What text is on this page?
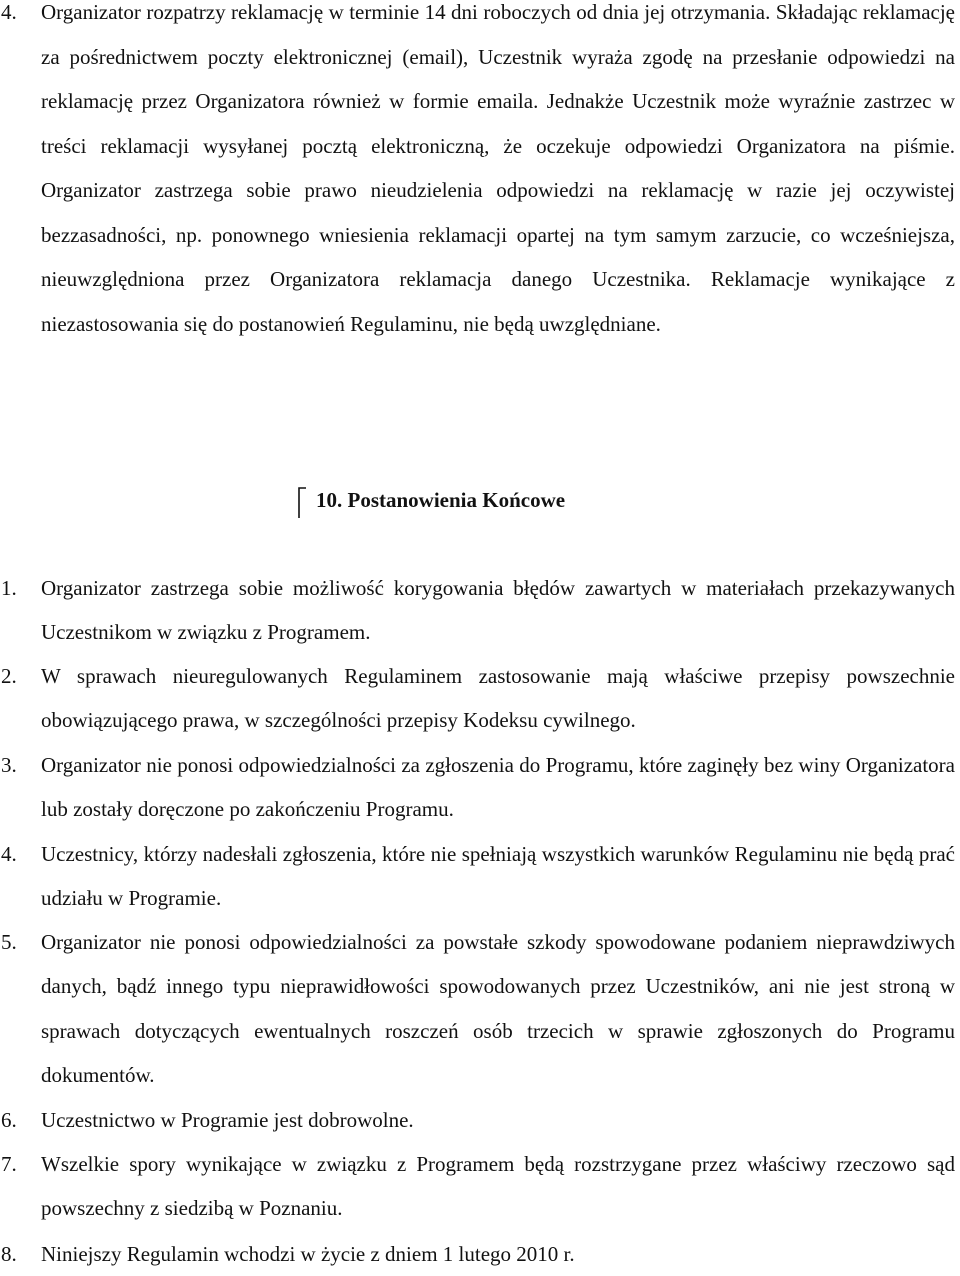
4. Organizator rozpatrzy reklamację w terminie 14 dni roboczych od dnia jej otrzymania. Składając reklamację za pośrednictwem poczty elektronicznej (email), Uczestnik wyraża zgodę na przesłanie odpowiedzi na reklamację przez Organizatora również w formie emaila. Jednakże Uczestnik może wyraźnie zastrzec w treści reklamacji wysyłanej pocztą elektroniczną, że oczekuje odpowiedzi Organizatora na piśmie. Organizator zastrzega sobie prawo nieudzielenia odpowiedzi na reklamację w razie jej oczywistej bezzasadności, np. ponownego wniesienia reklamacji opartej na tym samym zarzucie, co wcześniejsza, nieuwzględniona przez Organizatora reklamacja danego Uczestnika. Reklamacje wynikające z niezastosowania się do postanowień Regulaminu, nie będą uwzględniane.
10. Postanowienia Końcowe
1. Organizator zastrzega sobie możliwość korygowania błędów zawartych w materiałach przekazywanych Uczestnikom w związku z Programem.
2. W sprawach nieuregulowanych Regulaminem zastosowanie mają właściwe przepisy powszechnie obowiązującego prawa, w szczególności przepisy Kodeksu cywilnego.
3. Organizator nie ponosi odpowiedzialności za zgłoszenia do Programu, które zaginęły bez winy Organizatora lub zostały doręczone po zakończeniu Programu.
4. Uczestnicy, którzy nadesłali zgłoszenia, które nie spełniają wszystkich warunków Regulaminu nie będą prać udziału w Programie.
5. Organizator nie ponosi odpowiedzialności za powstałe szkody spowodowane podaniem nieprawdziwych danych, bądź innego typu nieprawidłowości spowodowanych przez Uczestników, ani nie jest stroną w sprawach dotyczących ewentualnych roszczeń osób trzecich w sprawie zgłoszonych do Programu dokumentów.
6. Uczestnictwo w Programie jest dobrowolne.
7. Wszelkie spory wynikające w związku z Programem będą rozstrzygane przez właściwy rzeczowo sąd powszechny z siedzibą w Poznaniu.
8. Niniejszy Regulamin wchodzi w życie z dniem 1 lutego 2010 r.
